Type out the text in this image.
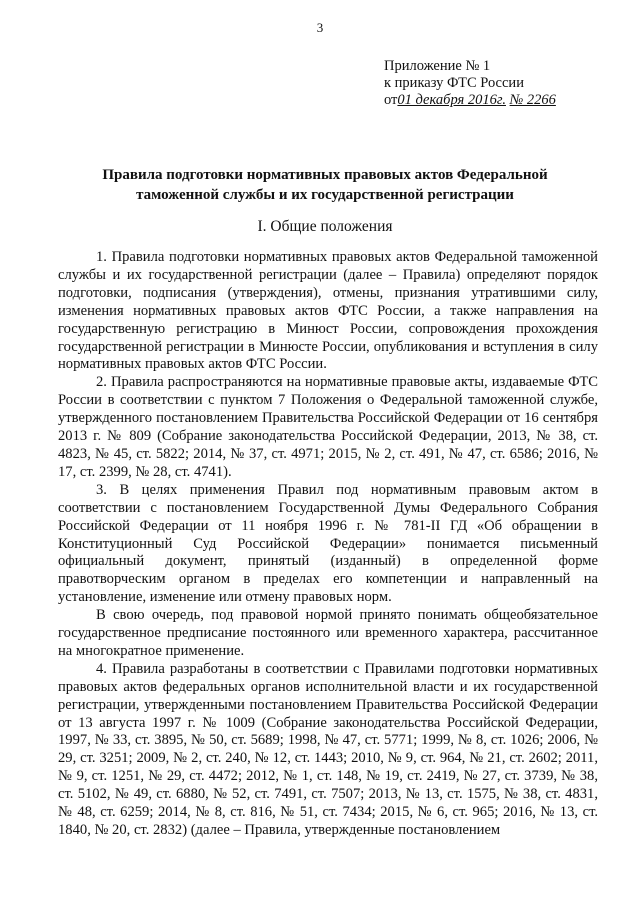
3
Приложение № 1
к приказу ФТС России
от01 декабря 2016г. № 2266
Правила подготовки нормативных правовых актов Федеральной
таможенной службы и их государственной регистрации
I. Общие положения

1. Правила подготовки нормативных правовых актов Федеральной таможенной службы и их государственной регистрации (далее – Правила) определяют порядок подготовки, подписания (утверждения), отмены, признания утратившими силу, изменения нормативных правовых актов ФТС России, а также направления на государственную регистрацию в Минюст России, сопровождения прохождения государственной регистрации в Минюсте России, опубликования и вступления в силу нормативных правовых актов ФТС России.

2. Правила распространяются на нормативные правовые акты, издаваемые ФТС России в соответствии с пунктом 7 Положения о Федеральной таможенной службе, утвержденного постановлением Правительства Российской Федерации от 16 сентября 2013 г. № 809 (Собрание законодательства Российской Федерации, 2013, № 38, ст. 4823, № 45, ст. 5822; 2014, № 37, ст. 4971; 2015, № 2, ст. 491, № 47, ст. 6586; 2016, № 17, ст. 2399, № 28, ст. 4741).

3. В целях применения Правил под нормативным правовым актом в соответствии с постановлением Государственной Думы Федерального Собрания Российской Федерации от 11 ноября 1996 г. № 781-II ГД «Об обращении в Конституционный Суд Российской Федерации» понимается письменный официальный документ, принятый (изданный) в определенной форме правотворческим органом в пределах его компетенции и направленный на установление, изменение или отмену правовых норм.

В свою очередь, под правовой нормой принято понимать общеобязательное государственное предписание постоянного или временного характера, рассчитанное на многократное применение.

4. Правила разработаны в соответствии с Правилами подготовки нормативных правовых актов федеральных органов исполнительной власти и их государственной регистрации, утвержденными постановлением Правительства Российской Федерации от 13 августа 1997 г. № 1009 (Собрание законодательства Российской Федерации, 1997, № 33, ст. 3895, № 50, ст. 5689; 1998, № 47, ст. 5771; 1999, № 8, ст. 1026; 2006, № 29, ст. 3251; 2009, № 2, ст. 240, № 12, ст. 1443; 2010, № 9, ст. 964, № 21, ст. 2602; 2011, № 9, ст. 1251, № 29, ст. 4472; 2012, № 1, ст. 148, № 19, ст. 2419, № 27, ст. 3739, № 38, ст. 5102, № 49, ст. 6880, № 52, ст. 7491, ст. 7507; 2013, № 13, ст. 1575, № 38, ст. 4831, № 48, ст. 6259; 2014, № 8, ст. 816, № 51, ст. 7434; 2015, № 6, ст. 965; 2016, № 13, ст. 1840, № 20, ст. 2832) (далее – Правила, утвержденные постановлением
